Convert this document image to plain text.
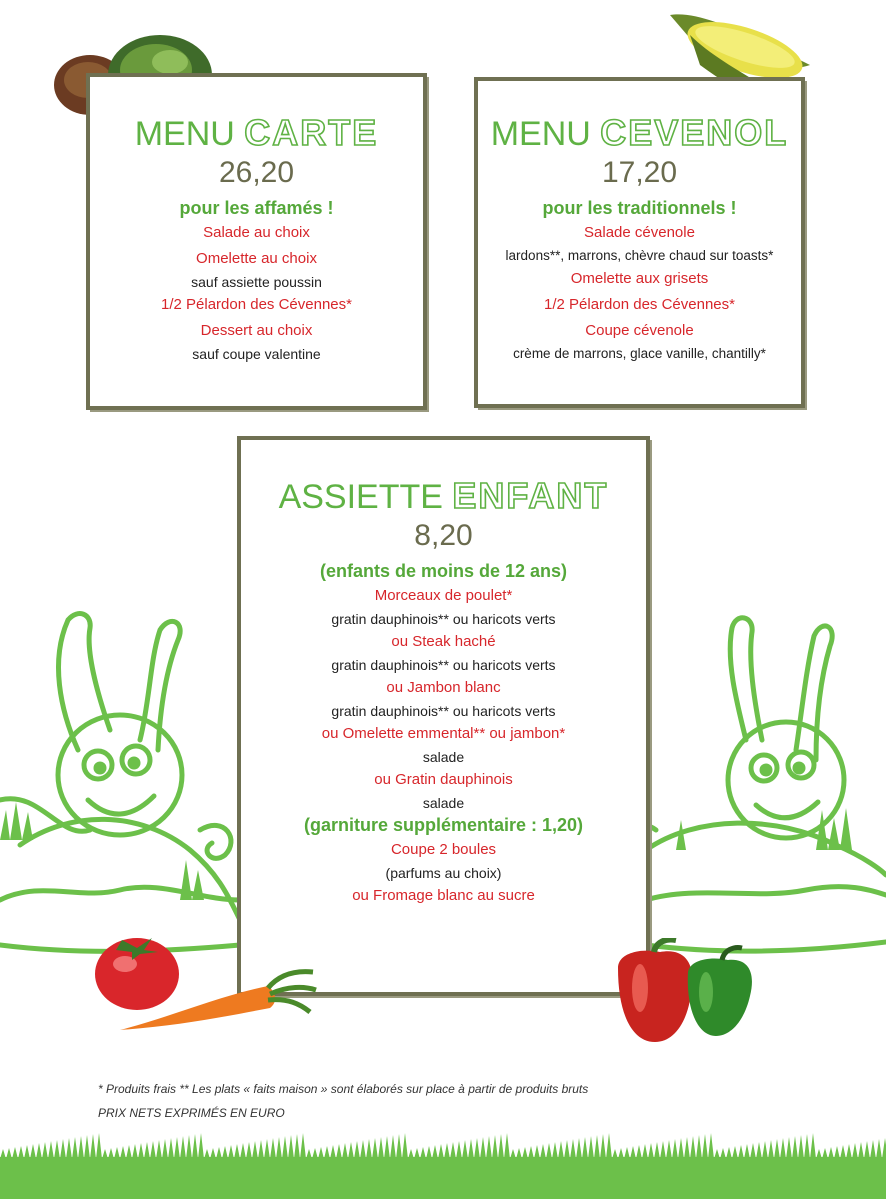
MENU CARTE
26,20
pour les affamés !
Salade au choix
Omelette au choix
sauf assiette poussin
1/2 Pélardon des Cévennes*
Dessert au choix
sauf coupe valentine
MENU CEVENOL
17,20
pour les traditionnels !
Salade cévenole
lardons**, marrons, chèvre chaud sur toasts*
Omelette aux grisets
1/2 Pélardon des Cévennes*
Coupe cévenole
crème de marrons, glace vanille, chantilly*
ASSIETTE ENFANT
8,20
(enfants de moins de 12 ans)
Morceaux de poulet*
gratin dauphinois** ou haricots verts
ou Steak haché
gratin dauphinois** ou haricots verts
ou Jambon blanc
gratin dauphinois** ou haricots verts
ou Omelette emmental** ou jambon*
salade
ou Gratin dauphinois
salade
(garniture supplémentaire : 1,20)
Coupe 2 boules
(parfums au choix)
ou Fromage blanc au sucre
* Produits frais ** Les plats « faits maison » sont élaborés sur place à partir de produits bruts
PRIX NETS EXPRIMÉS EN EURO
